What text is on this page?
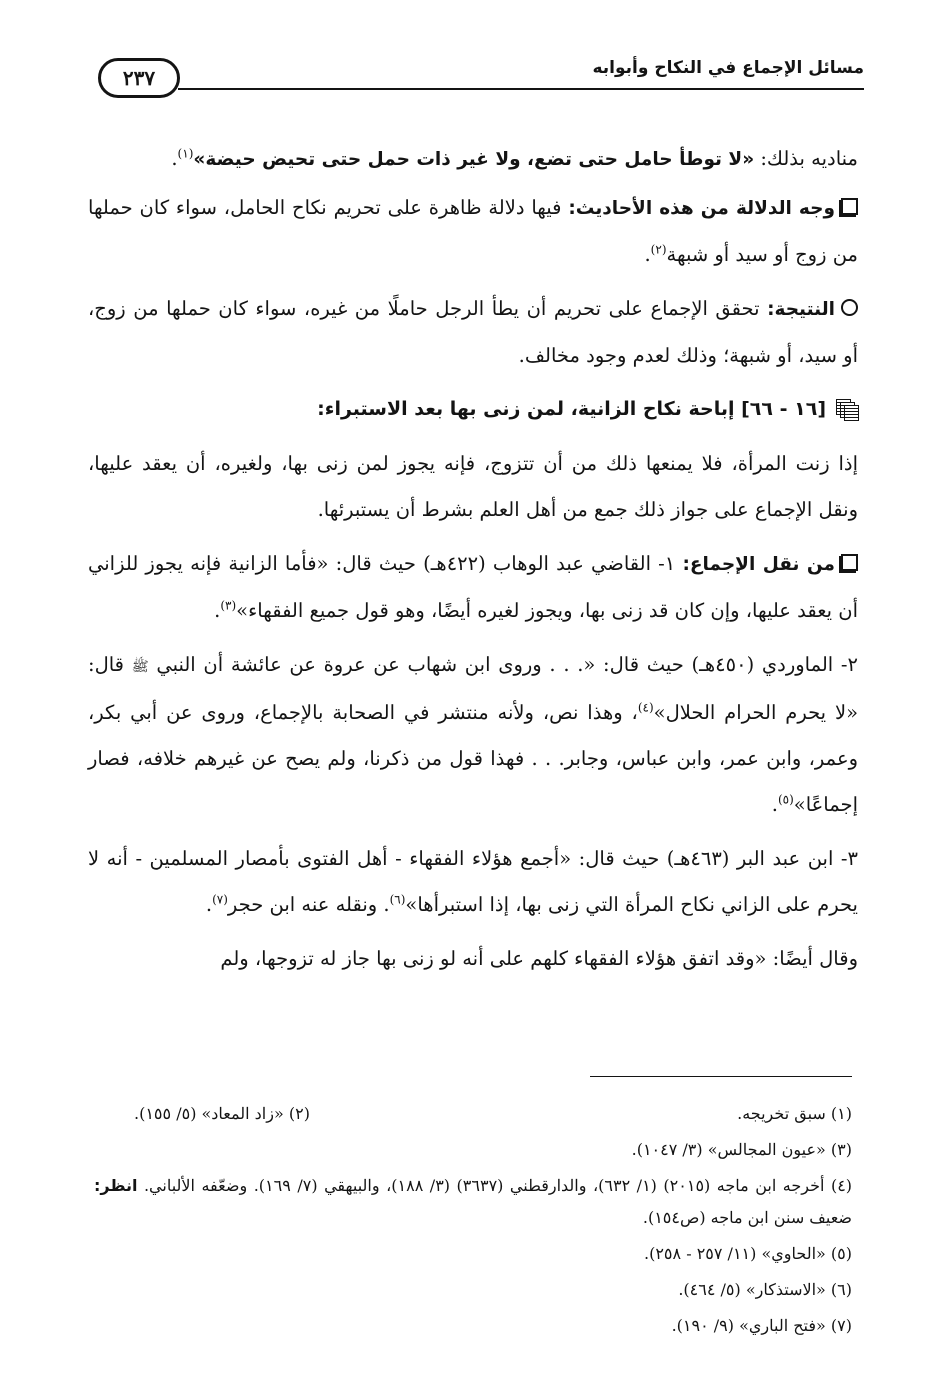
مسائل الإجماع في النكاح وأبوابه
٢٣٧

مناديه بذلك: «لا توطأ حامل حتى تضع، ولا غير ذات حمل حتى تحيض حيضة»$^{(١)}$.

وجه الدلالة من هذه الأحاديث: فيها دلالة ظاهرة على تحريم نكاح الحامل، سواء كان حملها من زوج أو سيد أو شبهة$^{(٢)}$.

النتيجة: تحقق الإجماع على تحريم أن يطأ الرجل حاملًا من غيره، سواء كان حملها من زوج، أو سيد، أو شبهة؛ وذلك لعدم وجود مخالف.

[١٦ - ٦٦] إباحة نكاح الزانية، لمن زنى بها بعد الاستبراء:

إذا زنت المرأة، فلا يمنعها ذلك من أن تتزوج، فإنه يجوز لمن زنى بها، ولغيره، أن يعقد عليها، ونقل الإجماع على جواز ذلك جمع من أهل العلم بشرط أن يستبرئها.

من نقل الإجماع: ١- القاضي عبد الوهاب (٤٢٢هـ) حيث قال: «فأما الزانية فإنه يجوز للزاني أن يعقد عليها، وإن كان قد زنى بها، ويجوز لغيره أيضًا، وهو قول جميع الفقهاء»$^{(٣)}$.

٢- الماوردي (٤٥٠هـ) حيث قال: «. . . وروى ابن شهاب عن عروة عن عائشة أن النبي ﷺ قال: «لا يحرم الحرام الحلال»$^{(٤)}$، وهذا نص، ولأنه منتشر في الصحابة بالإجماع، وروى عن أبي بكر، وعمر، وابن عمر، وابن عباس، وجابر. . . فهذا قول من ذكرنا، ولم يصح عن غيرهم خلافه، فصار إجماعًا»$^{(٥)}$.

٣- ابن عبد البر (٤٦٣هـ) حيث قال: «أجمع هؤلاء الفقهاء - أهل الفتوى بأمصار المسلمين - أنه لا يحرم على الزاني نكاح المرأة التي زنى بها، إذا استبرأها»$^{(٦)}$. ونقله عنه ابن حجر$^{(٧)}$.

وقال أيضًا: «وقد اتفق هؤلاء الفقهاء كلهم على أنه لو زنى بها جاز له تزوجها، ولم

(١) سبق تخريجه.
(٢) «زاد المعاد» (٥/ ١٥٥).
(٣) «عيون المجالس» (٣/ ١٠٤٧).
(٤) أخرجه ابن ماجه (٢٠١٥) (١/ ٦٣٢)، والدارقطني (٣٦٣٧) (٣/ ١٨٨)، والبيهقي (٧/ ١٦٩). وضعّفه الألباني. انظر: ضعيف سنن ابن ماجه (ص١٥٤).
(٥) «الحاوي» (١١/ ٢٥٧ - ٢٥٨).
(٦) «الاستذكار» (٥/ ٤٦٤).
(٧) «فتح الباري» (٩/ ١٩٠).
